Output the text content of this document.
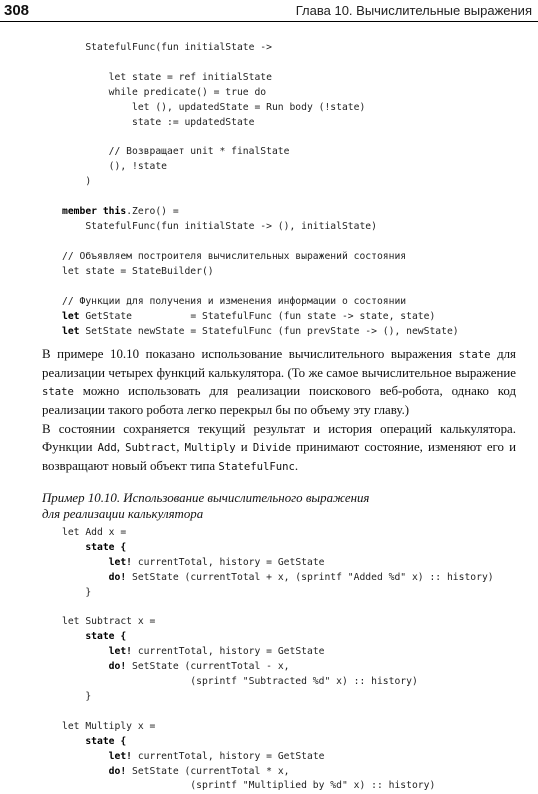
308	Глава 10. Вычислительные выражения
StatefulFunc(fun initialState ->

let state = ref initialState
while predicate() = true do
let (), updatedState = Run body (!state)
state := updatedState

// Возвращает unit * finalState
(), !state
)

member this.Zero() =
StatefulFunc(fun initialState -> (), initialState)
// Объявляем построителя вычислительных выражений состояния
let state = StateBuilder()

// Функции для получения и изменения информации о состоянии
let GetState          = StatefulFunc (fun state -> state, state)
let SetState newState = StatefulFunc (fun prevState -> (), newState)

В примере 10.10 показано использование вычислительного выражения state для реализации четырех функций калькулятора. (То же самое вычислительное выражение state можно использовать для реализации поискового веб-робота, однако код реализации такого робота легко перекрыл бы по объему эту главу.)

В состоянии сохраняется текущий результат и история операций калькулятора. Функции Add, Subtract, Multiply и Divide принимают состояние, изменяют его и возвращают новый объект типа StatefulFunc.

Пример 10.10. Использование вычислительного выражения
для реализации калькулятора
let Add x =
state {
let! currentTotal, history = GetState
do! SetState (currentTotal + x, (sprintf "Added %d" x) :: history)
}

let Subtract x =
state {
let! currentTotal, history = GetState
do! SetState (currentTotal - x,
(sprintf "Subtracted %d" x) :: history)
}

let Multiply x =
state {
let! currentTotal, history = GetState
do! SetState (currentTotal * x,
(sprintf "Multiplied by %d" x) :: history)
